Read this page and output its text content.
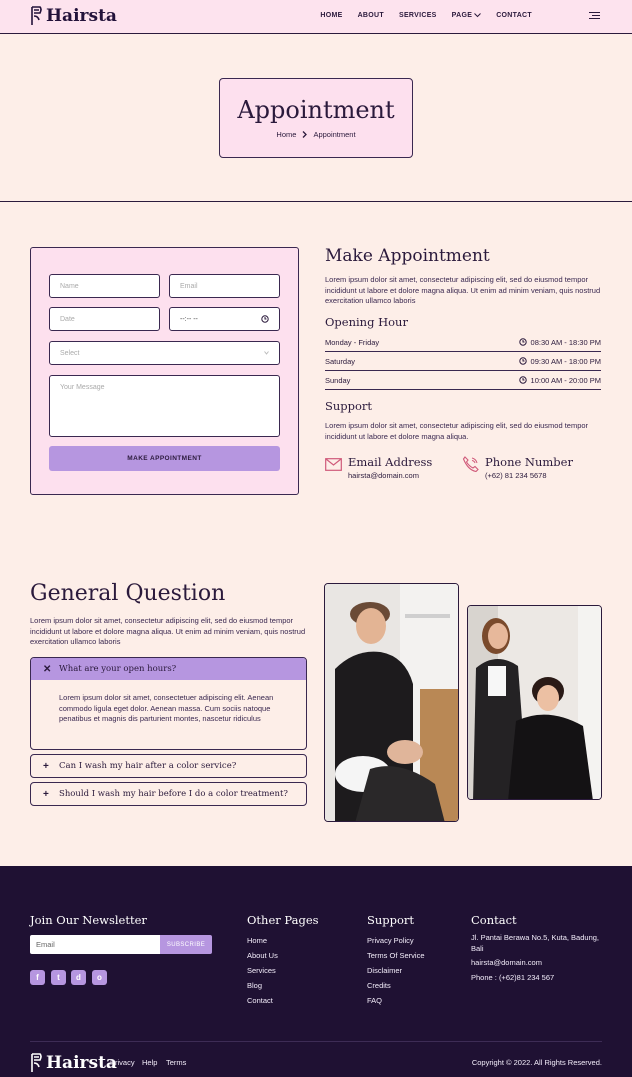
Hairsta	HOME ABOUT SERVICES PAGE	CONTACT
Appointment
Home Appointment
Name	Email
Date	--:-- --
Select
Your Message
MAKE APPOINTMENT
Make Appointment
Lorem ipsum dolor sit amet, consectetur adipiscing elit, sed do eiusmod tempor incididunt ut labore et dolore magna aliqua. Ut enim ad minim veniam, quis nostrud exercitation ullamco laboris
Opening Hour
Monday - Friday	08:30 AM - 18:30 PM
Saturday	09:30 AM - 18:00 PM
Sunday	10:00 AM - 20:00 PM
Support
Lorem ipsum dolor sit amet, consectetur adipiscing elit, sed do eiusmod tempor incididunt ut labore et dolore magna aliqua.
Email Address
hairsta@domain.com
Phone Number
(+62) 81 234 5678
General Question
Lorem ipsum dolor sit amet, consectetur adipiscing elit, sed do eiusmod tempor incididunt ut labore et dolore magna aliqua. Ut enim ad minim veniam, quis nostrud exercitation ullamco laboris
✕ What are your open hours?
Lorem ipsum dolor sit amet, consectetuer adipiscing elit. Aenean commodo ligula eget dolor. Aenean massa. Cum sociis natoque penatibus et magnis dis parturient montes, nascetur ridiculus
+ Can I wash my hair after a color service?
+ Should I wash my hair before I do a color treatment?
Join Our Newsletter
Email	SUBSCRIBE
f	t	d	o
Other Pages
Home
About Us
Services
Blog
Contact
Support
Privacy Policy
Terms Of Service
Disclaimer
Credits
FAQ
Contact
Jl. Pantai Berawa No.5, Kuta, Badung, Bali
hairsta@domain.com
Phone : (+62)81 234 567
Hairsta
Privacy Help Terms	Copyright © 2022. All Rights Reserved.
